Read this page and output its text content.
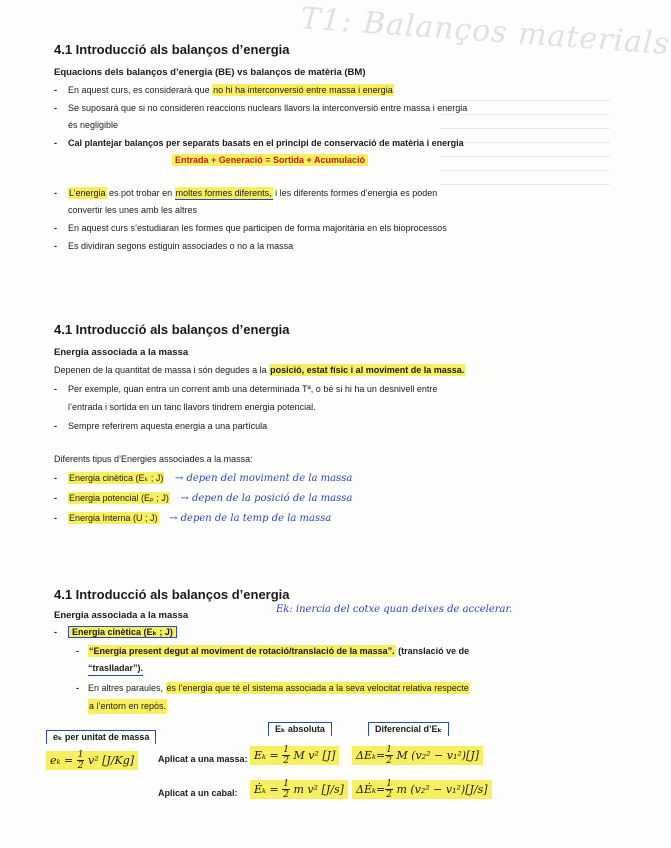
T1: Balanços materials
4.1 Introducció als balanços d’energia
Equacions dels balanços d’energia (BE) vs balanços de matèria (BM)
- En aquest curs, es considerarà que no hi ha interconversió entre massa i energia
- Se suposarà que si no consideren reaccions nuclears llavors la interconversió entre massa i energia
és negligible
- Cal plantejar balanços per separats basats en el principi de conservació de matèria i energia
Entrada + Generació = Sortida + Acumulació
- L’energia es pot trobar en moltes formes diferents, i les diferents formes d’energia es poden
convertir les unes amb les altres
- En aquest curs s’estudiaran les formes que participen de forma majoritària en els bioprocessos
- Es dividiran segons estiguin associades o no a la massa
4.1 Introducció als balanços d’energia
Energia associada a la massa
Depenen de la quantitat de massa i són degudes a la posició, estat físic i al moviment de la massa.
- Per exemple, quan entra un corrent amb una determinada Tª, o bé si hi ha un desnivell entre
l’entrada i sortida en un tanc llavors tindrem energia potencial.
- Sempre referirem aquesta energia a una partícula
Diferents tipus d’Energies associades a la massa:
- Energia cinètica (Eₖ ; J) → depen del moviment de la massa
- Energia potencial (Eₚ ; J) → depen de la posició de la massa
- Energia Interna (U ; J) → depen de la temp de la massa
4.1 Introducció als balanços d’energia
Energia associada a la massa
Ek: inercia del cotxe quan deixes de accelerar.
- Energia cinètica (Eₖ ; J)
- “Energia present degut al moviment de rotació/translació de la massa”. (translació ve de
“traslladar”).
- En altres paraules, és l’energia que té el sistema associada a la seva velocitat relativa respecte
a l’entorn en repòs.
eₖ per unitat de massa
Eₖ absoluta	Diferencial d’Eₖ
$e_k = \frac{1}{2} v^2$ [J/Kg]	Aplicat a una massa: $E_k = \frac{1}{2}$ M v² [J]	$\Delta E_k= \frac{1}{2}$ M (v₂² − v₁²)[J]
Aplicat a un cabal:	Ėₖ = $\frac{1}{2}$ m v² [J/s]	ΔĖₖ= $\frac{1}{2}$ m (v₂² − v₁²)[J/s]
